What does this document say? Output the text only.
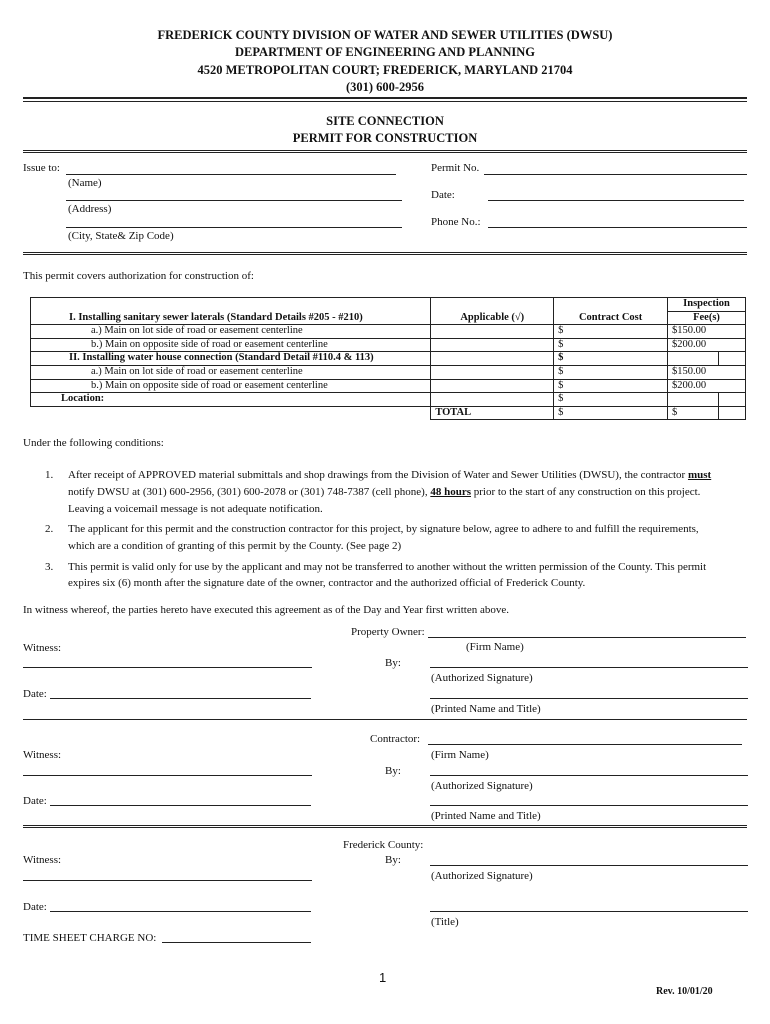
FREDERICK COUNTY DIVISION OF WATER AND SEWER UTILITIES (DWSU)
DEPARTMENT OF ENGINEERING AND PLANNING
4520 METROPOLITAN COURT; FREDERICK, MARYLAND 21704
(301) 600-2956
SITE CONNECTION
PERMIT FOR CONSTRUCTION
Issue to:
(Name)
(Address)
(City, State& Zip Code)
Permit No.
Date:
Phone No.:
This permit covers authorization for construction of:
I. Installing sanitary sewer laterals (Standard Details #205 - #210)	Applicable (√)	Contract Cost	Inspection	
			Fee(s)	
a.) Main on lot side of road or easement centerline		$	$150.00	
b.) Main on opposite side of road or easement centerline		$	$200.00	
II. Installing water house connection (Standard Detail #110.4 & 113)		$		
a.) Main on lot side of road or easement centerline		$	$150.00	
b.) Main on opposite side of road or easement centerline		$	$200.00	
Location:		$		
	TOTAL	$	$	
Under the following conditions:
1. After receipt of APPROVED material submittals and shop drawings from the Division of Water and Sewer Utilities (DWSU), the contractor must
notify DWSU at (301) 600-2956, (301) 600-2078 or (301) 748-7387 (cell phone), 48 hours prior to the start of any construction on this project.
Leaving a voicemail message is not adequate notification.
2. The applicant for this permit and the construction contractor for this project, by signature below, agree to adhere to and fulfill the requirements,
which are a condition of granting of this permit by the County. (See page 2)
3. This permit is valid only for use by the applicant and may not be transferred to another without the written permission of the County. This permit
expires six (6) month after the signature date of the owner, contractor and the authorized official of Frederick County.
In witness whereof, the parties hereto have executed this agreement as of the Day and Year first written above.
Property Owner:
Witness:	(Firm Name)
By:
(Authorized Signature)
Date:
(Printed Name and Title)
Contractor:
Witness:	(Firm Name)
By:
(Authorized Signature)
Date:
(Printed Name and Title)
Frederick County:
Witness:	By:
(Authorized Signature)
Date:
(Title)
TIME SHEET CHARGE NO:
1
Rev. 10/01/20
